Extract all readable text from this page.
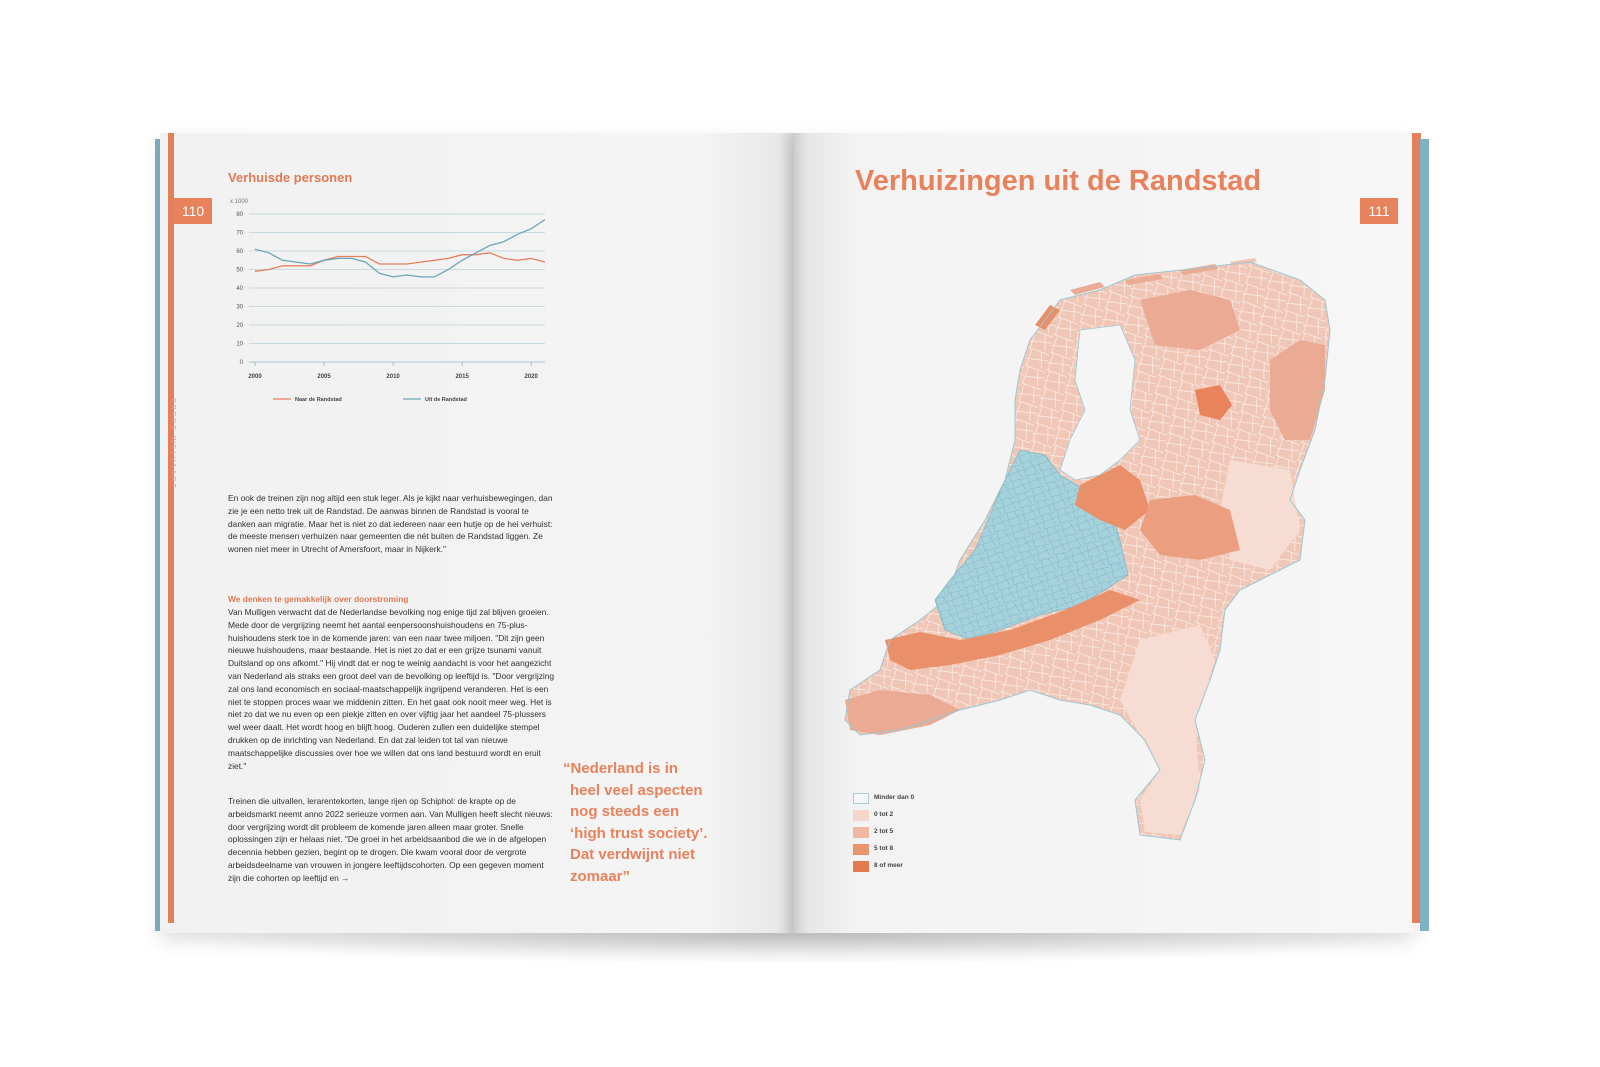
110
Verhuisde personen
x 1000
0
10
20
30
40
50
60
70
80
2000	2005	2010	2015	2020
Naar de Randstad	Uit de Randstad
BREDE WELVAART
En ook de treinen zijn nog altijd een stuk leger. Als je kijkt naar verhuisbewegingen, dan zie je een netto trek uit de Randstad. De aanwas binnen de Randstad is vooral te danken aan migratie. Maar het is niet zo dat iedereen naar een hutje op de hei verhuist: de meeste mensen verhuizen naar gemeenten die nét buiten de Randstad liggen. Ze wonen niet meer in Utrecht of Amersfoort, maar in Nijkerk."
We denken te gemakkelijk over doorstroming
Van Mulligen verwacht dat de Nederlandse bevolking nog enige tijd zal blijven groeien. Mede door de vergrijzing neemt het aantal eenpersoonshuishoudens en 75-plus-huishoudens sterk toe in de komende jaren: van een naar twee miljoen. "Dit zijn geen nieuwe huishoudens, maar bestaande. Het is niet zo dat er een grijze tsunami vanuit Duitsland op ons afkomt." Hij vindt dat er nog te weinig aandacht is voor het aangezicht van Nederland als straks een groot deel van de bevolking op leeftijd is. "Door vergrijzing zal ons land economisch en sociaal-maatschappelijk ingrijpend veranderen. Het is een niet te stoppen proces waar we middenin zitten. En het gaat ook nooit meer weg. Het is niet zo dat we nu even op een piekje zitten en over vijftig jaar het aandeel 75-plussers wel weer daalt. Het wordt hoog en blijft hoog. Ouderen zullen een duidelijke stempel drukken op de inrichting van Nederland. En dat zal leiden tot tal van nieuwe maatschappelijke discussies over hoe we willen dat ons land bestuurd wordt en eruit ziet."
Treinen die uitvallen, lerarentekorten, lange rijen op Schiphol: de krapte op de arbeidsmarkt neemt anno 2022 serieuze vormen aan. Van Mulligen heeft slecht nieuws: door vergrijzing wordt dit probleem de komende jaren alleen maar groter. Snelle oplossingen zijn er helaas niet. "De groei in het arbeidsaanbod die we in de afgelopen decennia hebben gezien, begint op te drogen. Die kwam vooral door de vergrote arbeidsdeelname van vrouwen in jongere leeftijdscohorten. Op een gegeven moment zijn die cohorten op leeftijd en →
“Nederland is in
heel veel aspecten
nog steeds een
‘high trust society’.
Dat verdwijnt niet
zomaar”
Verhuizingen uit de Randstad
111
Minder dan 0
0 tot 2
2 tot 5
5 tot 8
8 of meer
